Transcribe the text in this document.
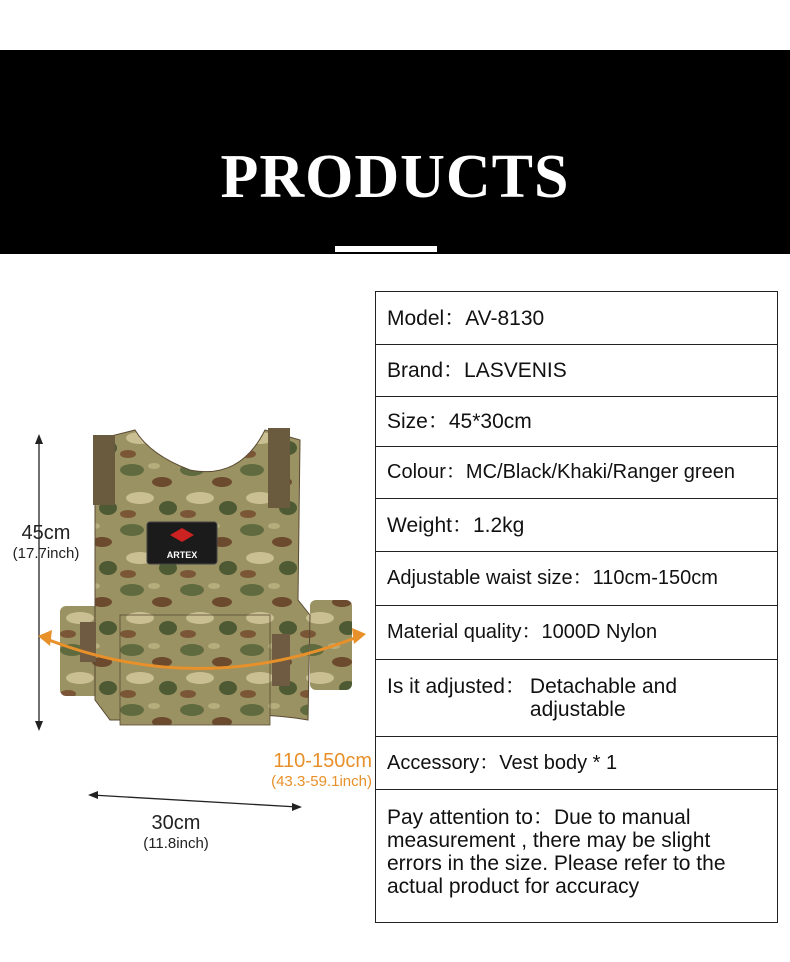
PRODUCTS
ARTEX
45cm
(17.7inch)
110-150cm
(43.3-59.1inch)
30cm
(11.8inch)
Model：AV-8130
Brand：LASVENIS
Size：45*30cm
Colour：MC/Black/Khaki/Ranger green
Weight：1.2kg
Adjustable waist size：110cm-150cm
Material quality：1000D Nylon

Is it adjusted： Detachable and
adjustable

Accessory：Vest body * 1
Pay attention to：Due to manual measurement , there may be slight errors in the size. Please refer to the actual product for accuracy
